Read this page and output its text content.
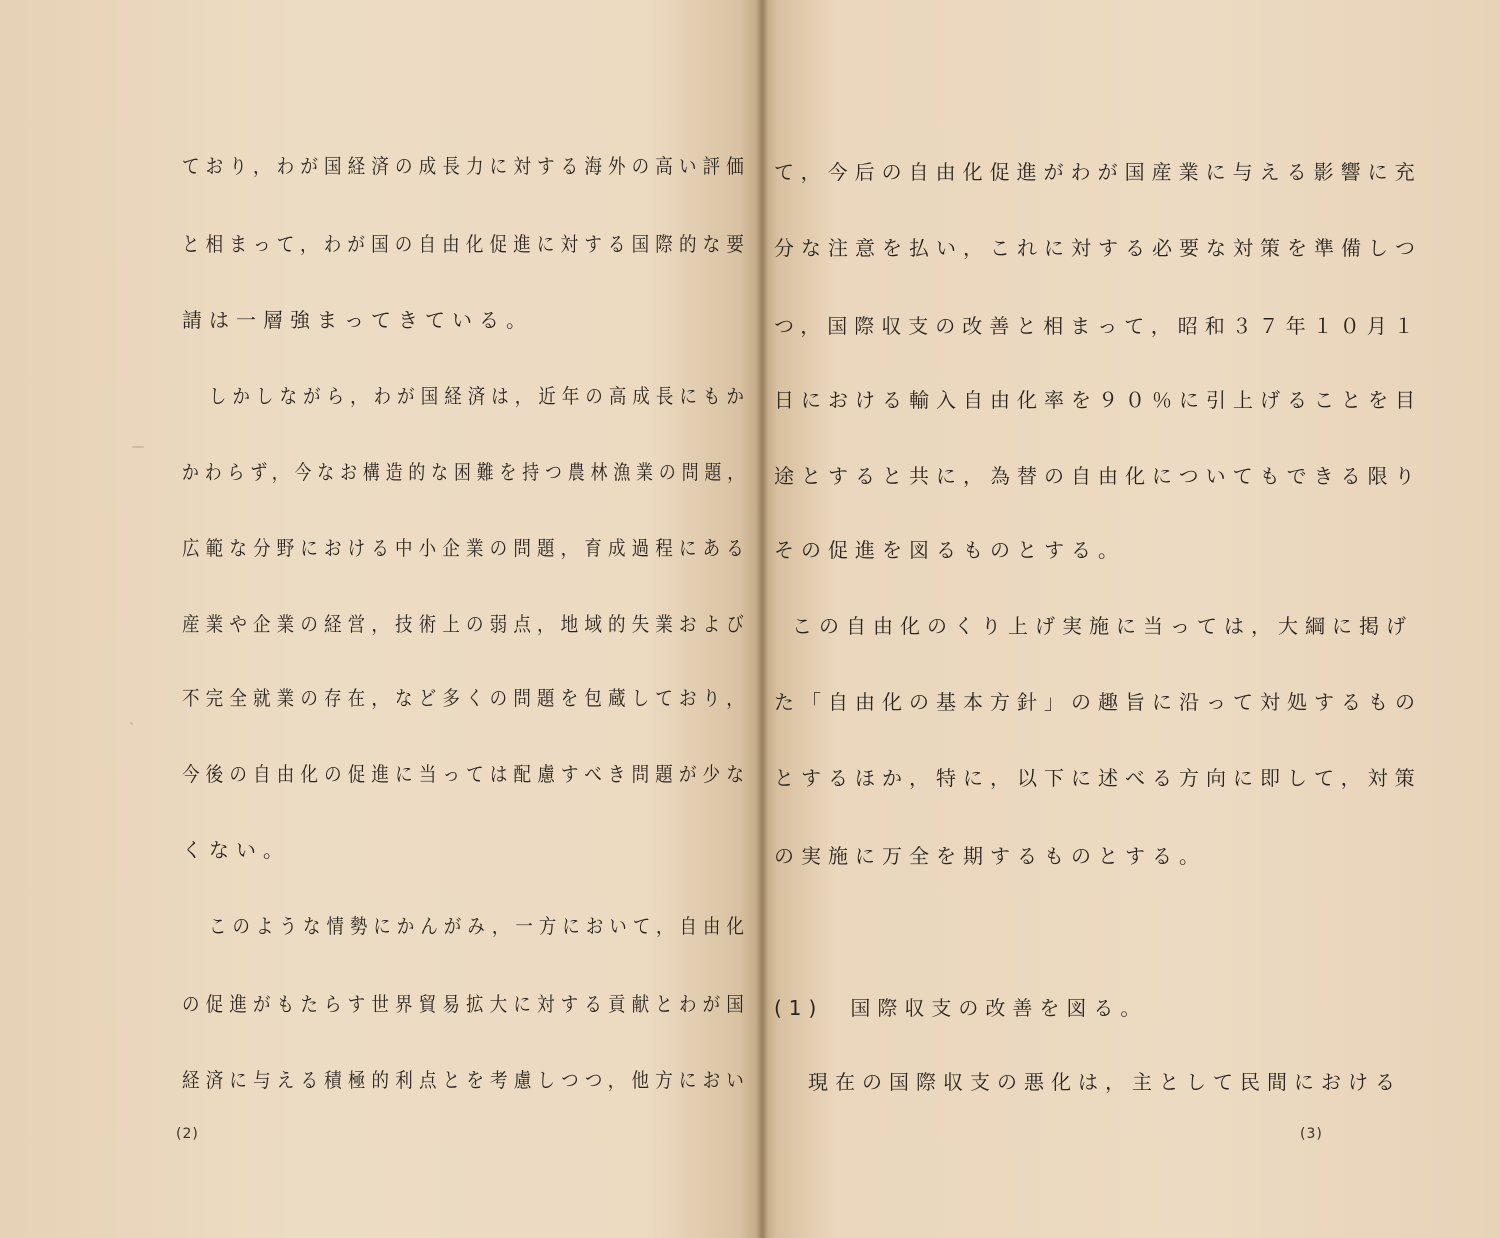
ており，わが国経済の成長力に対する海外の高い評価
と相まって，わが国の自由化促進に対する国際的な要
請は一層強まってきている。
しかしながら，わが国経済は，近年の高成長にもか
かわらず，今なお構造的な困難を持つ農林漁業の問題，
広範な分野における中小企業の問題，育成過程にある
産業や企業の経営，技術上の弱点，地域的失業および
不完全就業の存在，など多くの問題を包蔵しており，
今後の自由化の促進に当っては配慮すべき問題が少な
くない。
このような情勢にかんがみ，一方において，自由化
の促進がもたらす世界貿易拡大に対する貢献とわが国
経済に与える積極的利点とを考慮しつつ，他方におい
(2)
て，今后の自由化促進がわが国産業に与える影響に充
分な注意を払い，これに対する必要な対策を準備しつ
つ，国際収支の改善と相まって，昭和３７年１０月１
日における輸入自由化率を９０％に引上げることを目
途とすると共に，為替の自由化についてもできる限り
その促進を図るものとする。
この自由化のくり上げ実施に当っては，大綱に掲げ
た「自由化の基本方針」の趣旨に沿って対処するもの
とするほか，特に，以下に述べる方向に即して，対策
の実施に万全を期するものとする。
(1)　国際収支の改善を図る。
現在の国際収支の悪化は，主として民間における
(3)
